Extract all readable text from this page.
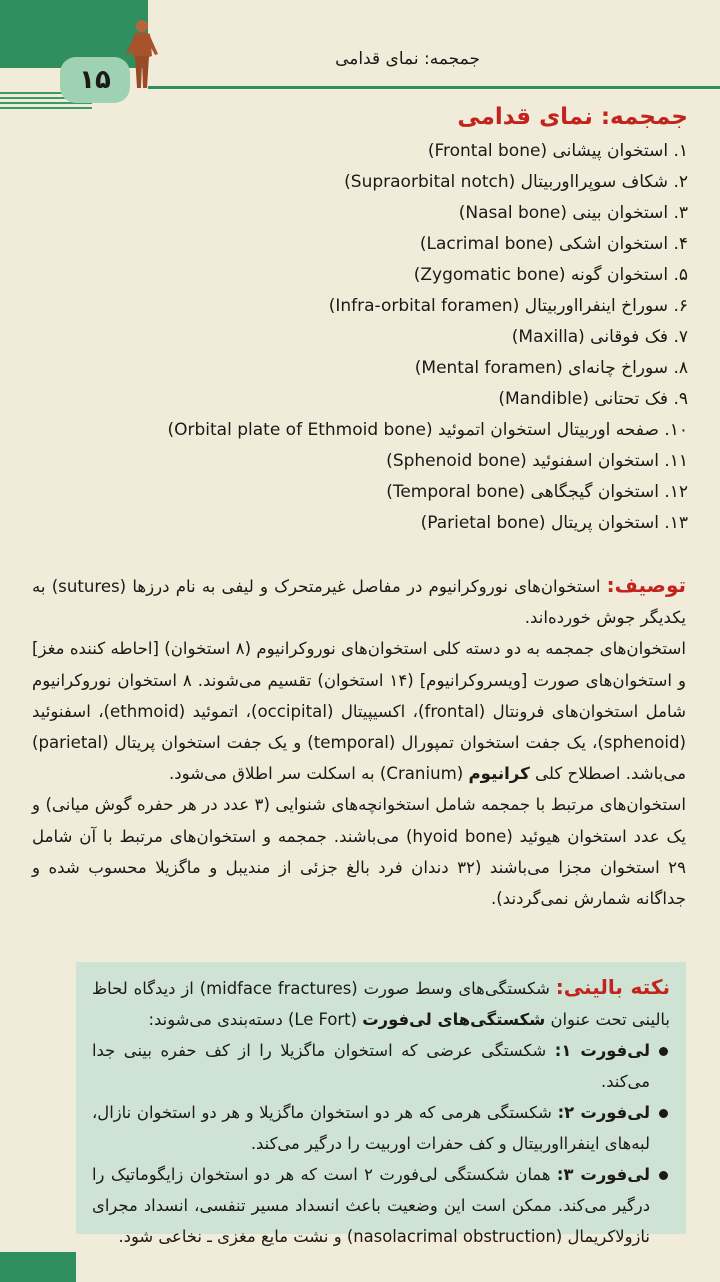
۱۵
جمجمه: نمای قدامی
جمجمه: نمای قدامی
۱. استخوان پیشانی (Frontal bone)
۲. شکاف سوپرااوربیتال (Supraorbital notch)
۳. استخوان بینی (Nasal bone)
۴. استخوان اشکی (Lacrimal bone)
۵. استخوان گونه (Zygomatic bone)
۶. سوراخ اینفرااوربیتال (Infra-orbital foramen)
۷. فک فوقانی (Maxilla)
۸. سوراخ چانه‌ای (Mental foramen)
۹. فک تحتانی (Mandible)
۱۰. صفحه اوربیتال استخوان اتموئید (Orbital plate of Ethmoid bone)
۱۱. استخوان اسفنوئید (Sphenoid bone)
۱۲. استخوان گیجگاهی (Temporal bone)
۱۳. استخوان پریتال (Parietal bone)

توصیف: استخوان‌های نوروکرانیوم در مفاصل غیرمتحرک و لیفی به نام درزها (sutures) به یکدیگر جوش خورده‌اند.

استخوان‌های جمجمه به دو دسته کلی استخوان‌های نوروکرانیوم (۸ استخوان) [احاطه کننده مغز] و استخوان‌های صورت [ویسروکرانیوم] (۱۴ استخوان) تقسیم می‌شوند. ۸ استخوان نوروکرانیوم شامل استخوان‌های فرونتال (frontal)، اکسیپیتال (occipital)، اتموئید (ethmoid)، اسفنوئید (sphenoid)، یک جفت استخوان تمپورال (temporal) و یک جفت استخوان پریتال (parietal) می‌باشد. اصطلاح کلی کرانیوم (Cranium) به اسکلت سر اطلاق می‌شود.

استخوان‌های مرتبط با جمجمه شامل استخوانچه‌های شنوایی (۳ عدد در هر حفره گوش میانی) و یک عدد استخوان هیوئید (hyoid bone) می‌باشند. جمجمه و استخوان‌های مرتبط با آن شامل ۲۹ استخوان مجزا می‌باشند (۳۲ دندان فرد بالغ جزئی از مندیبل و ماگزیلا محسوب شده و جداگانه شمارش نمی‌گردند).

نکته بالینی: شکستگی‌های وسط صورت (midface fractures) از دیدگاه لحاظ بالینی تحت عنوان شکستگی‌های لی‌فورت (Le Fort) دسته‌بندی می‌شوند:

لی‌فورت ۱: شکستگی عرضی که استخوان ماگزیلا را از کف حفره بینی جدا می‌کند.
لی‌فورت ۲: شکستگی هرمی که هر دو استخوان ماگزیلا و هر دو استخوان نازال، لبه‌های اینفرااوربیتال و کف حفرات اوربیت را درگیر می‌کند.
لی‌فورت ۳: همان شکستگی لی‌فورت ۲ است که هر دو استخوان زایگوماتیک را درگیر می‌کند. ممکن است این وضعیت باعث انسداد مسیر تنفسی، انسداد مجرای نازولاکریمال (nasolacrimal obstruction) و نشت مایع مغزی ـ نخاعی شود.
